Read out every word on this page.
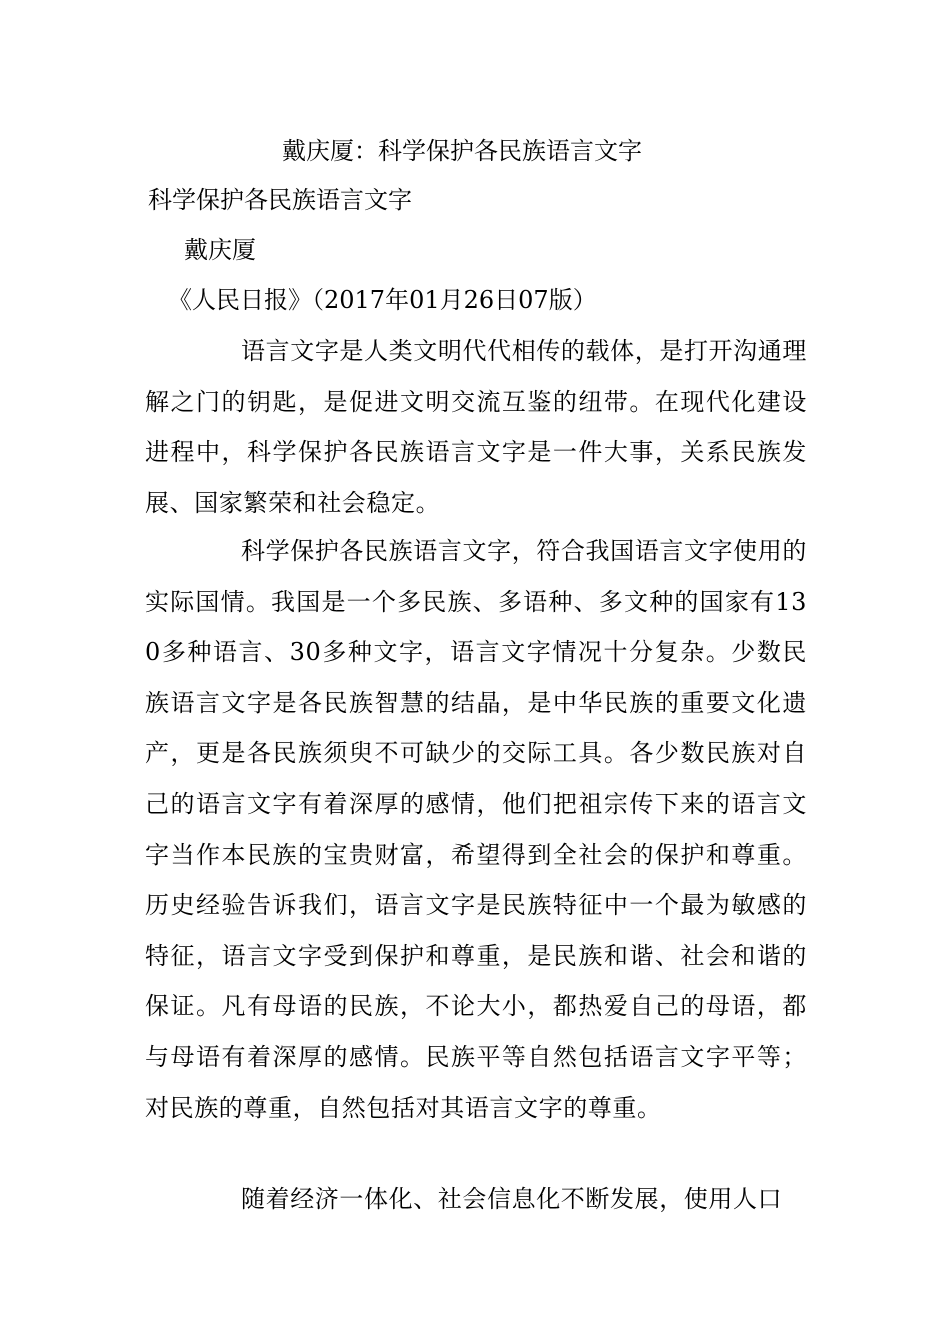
戴庆厦：科学保护各民族语言文字
科学保护各民族语言文字
戴庆厦
《人民日报》（2017年01月26日07版）

语言文字是人类文明代代相传的载体，是打开沟通理解之门的钥匙，是促进文明交流互鉴的纽带。在现代化建设进程中，科学保护各民族语言文字是一件大事，关系民族发展、国家繁荣和社会稳定。

科学保护各民族语言文字，符合我国语言文字使用的实际国情。我国是一个多民族、多语种、多文种的国家有130多种语言、30多种文字，语言文字情况十分复杂。少数民族语言文字是各民族智慧的结晶，是中华民族的重要文化遗产，更是各民族须臾不可缺少的交际工具。各少数民族对自己的语言文字有着深厚的感情，他们把祖宗传下来的语言文字当作本民族的宝贵财富，希望得到全社会的保护和尊重。历史经验告诉我们，语言文字是民族特征中一个最为敏感的特征，语言文字受到保护和尊重，是民族和谐、社会和谐的保证。凡有母语的民族，不论大小，都热爱自己的母语，都与母语有着深厚的感情。民族平等自然包括语言文字平等；对民族的尊重，自然包括对其语言文字的尊重。

随着经济一体化、社会信息化不断发展，使用人口
